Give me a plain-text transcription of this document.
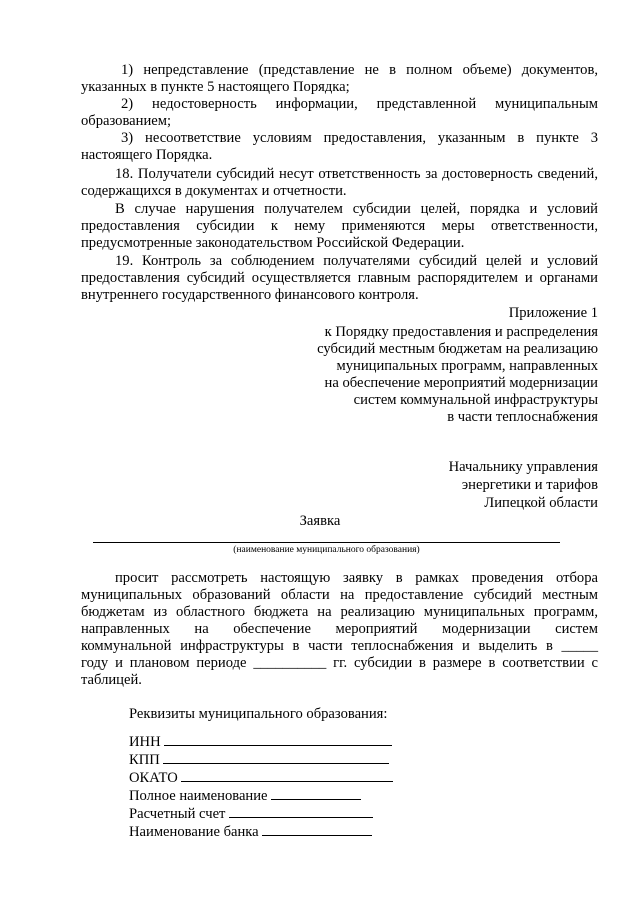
1) непредставление (представление не в полном объеме) документов, указанных в пункте 5 настоящего Порядка;

2) недостоверность информации, представленной муниципальным образованием;

3) несоответствие условиям предоставления, указанным в пункте 3 настоящего Порядка.

18. Получатели субсидий несут ответственность за достоверность сведений, содержащихся в документах и отчетности.

В случае нарушения получателем субсидии целей, порядка и условий предоставления субсидии к нему применяются меры ответственности, предусмотренные законодательством Российской Федерации.

19. Контроль за соблюдением получателями субсидий целей и условий предоставления субсидий осуществляется главным распорядителем и органами внутреннего государственного финансового контроля.

Приложение 1

к Порядку предоставления и распределения

субсидий местным бюджетам на реализацию

муниципальных программ, направленных

на обеспечение мероприятий модернизации

систем коммунальной инфраструктуры

в части теплоснабжения

Начальнику управления

энергетики и тарифов

Липецкой области

Заявка

(наименование муниципального образования)

просит рассмотреть настоящую заявку в рамках проведения отбора

муниципальных образований области на предоставление субсидий местным

бюджетам из областного бюджета на реализацию муниципальных программ,

направленных на обеспечение мероприятий модернизации систем

коммунальной инфраструктуры в части теплоснабжения и выделить в _____

году и плановом периоде __________ гг. субсидии в размере в соответствии с

таблицей.

Реквизиты муниципального образования:

ИНН

КПП

ОКАТО

Полное наименование

Расчетный счет

Наименование банка
